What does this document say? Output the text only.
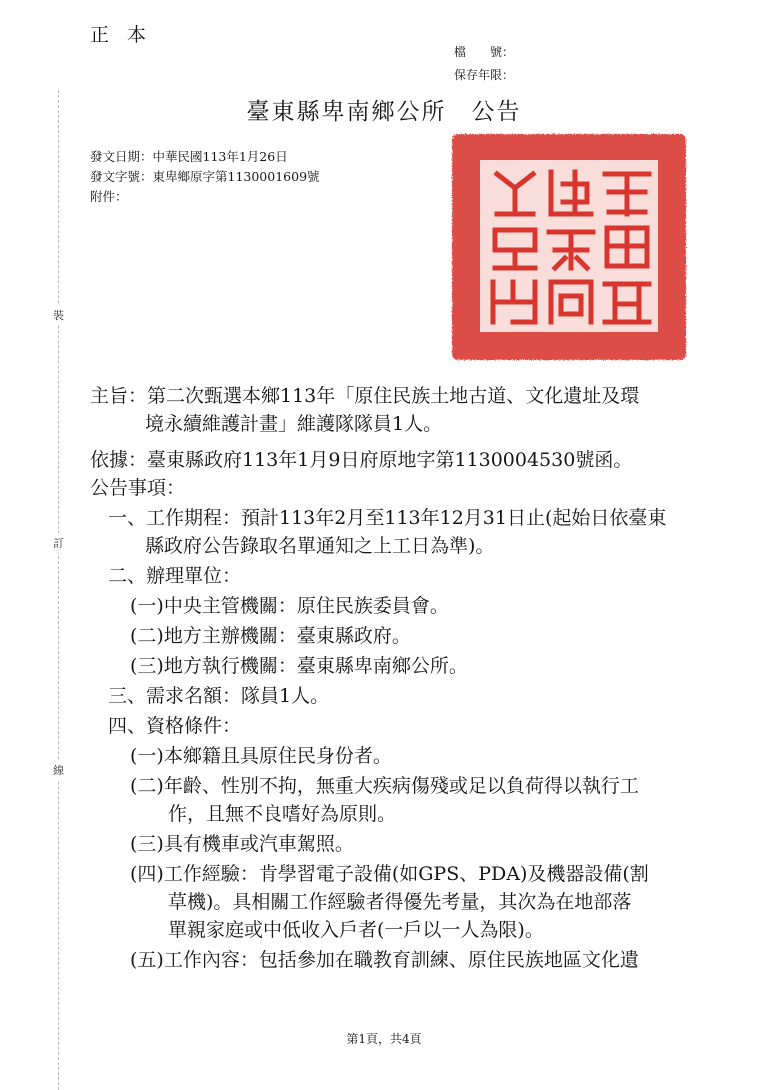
正本
檔　　號：
保存年限：
臺東縣卑南鄉公所　公告
發文日期：中華民國113年1月26日
發文字號：東卑鄉原字第1130001609號
附件：
裝
訂
線
主旨：第二次甄選本鄉113年「原住民族土地古道、文化遺址及環
境永續維護計畫」維護隊隊員1人。
依據：臺東縣政府113年1月9日府原地字第1130004530號函。
公告事項：
一、工作期程：預計113年2月至113年12月31日止(起始日依臺東
縣政府公告錄取名單通知之上工日為準)。
二、辦理單位：
(一)中央主管機關：原住民族委員會。
(二)地方主辦機關：臺東縣政府。
(三)地方執行機關：臺東縣卑南鄉公所。
三、需求名額：隊員1人。
四、資格條件：
(一)本鄉籍且具原住民身份者。
(二)年齡、性別不拘，無重大疾病傷殘或足以負荷得以執行工
作，且無不良嗜好為原則。
(三)具有機車或汽車駕照。
(四)工作經驗：肯學習電子設備(如GPS、PDA)及機器設備(割
草機)。具相關工作經驗者得優先考量，其次為在地部落
單親家庭或中低收入戶者(一戶以一人為限)。
(五)工作內容：包括參加在職教育訓練、原住民族地區文化遺
第1頁，共4頁
